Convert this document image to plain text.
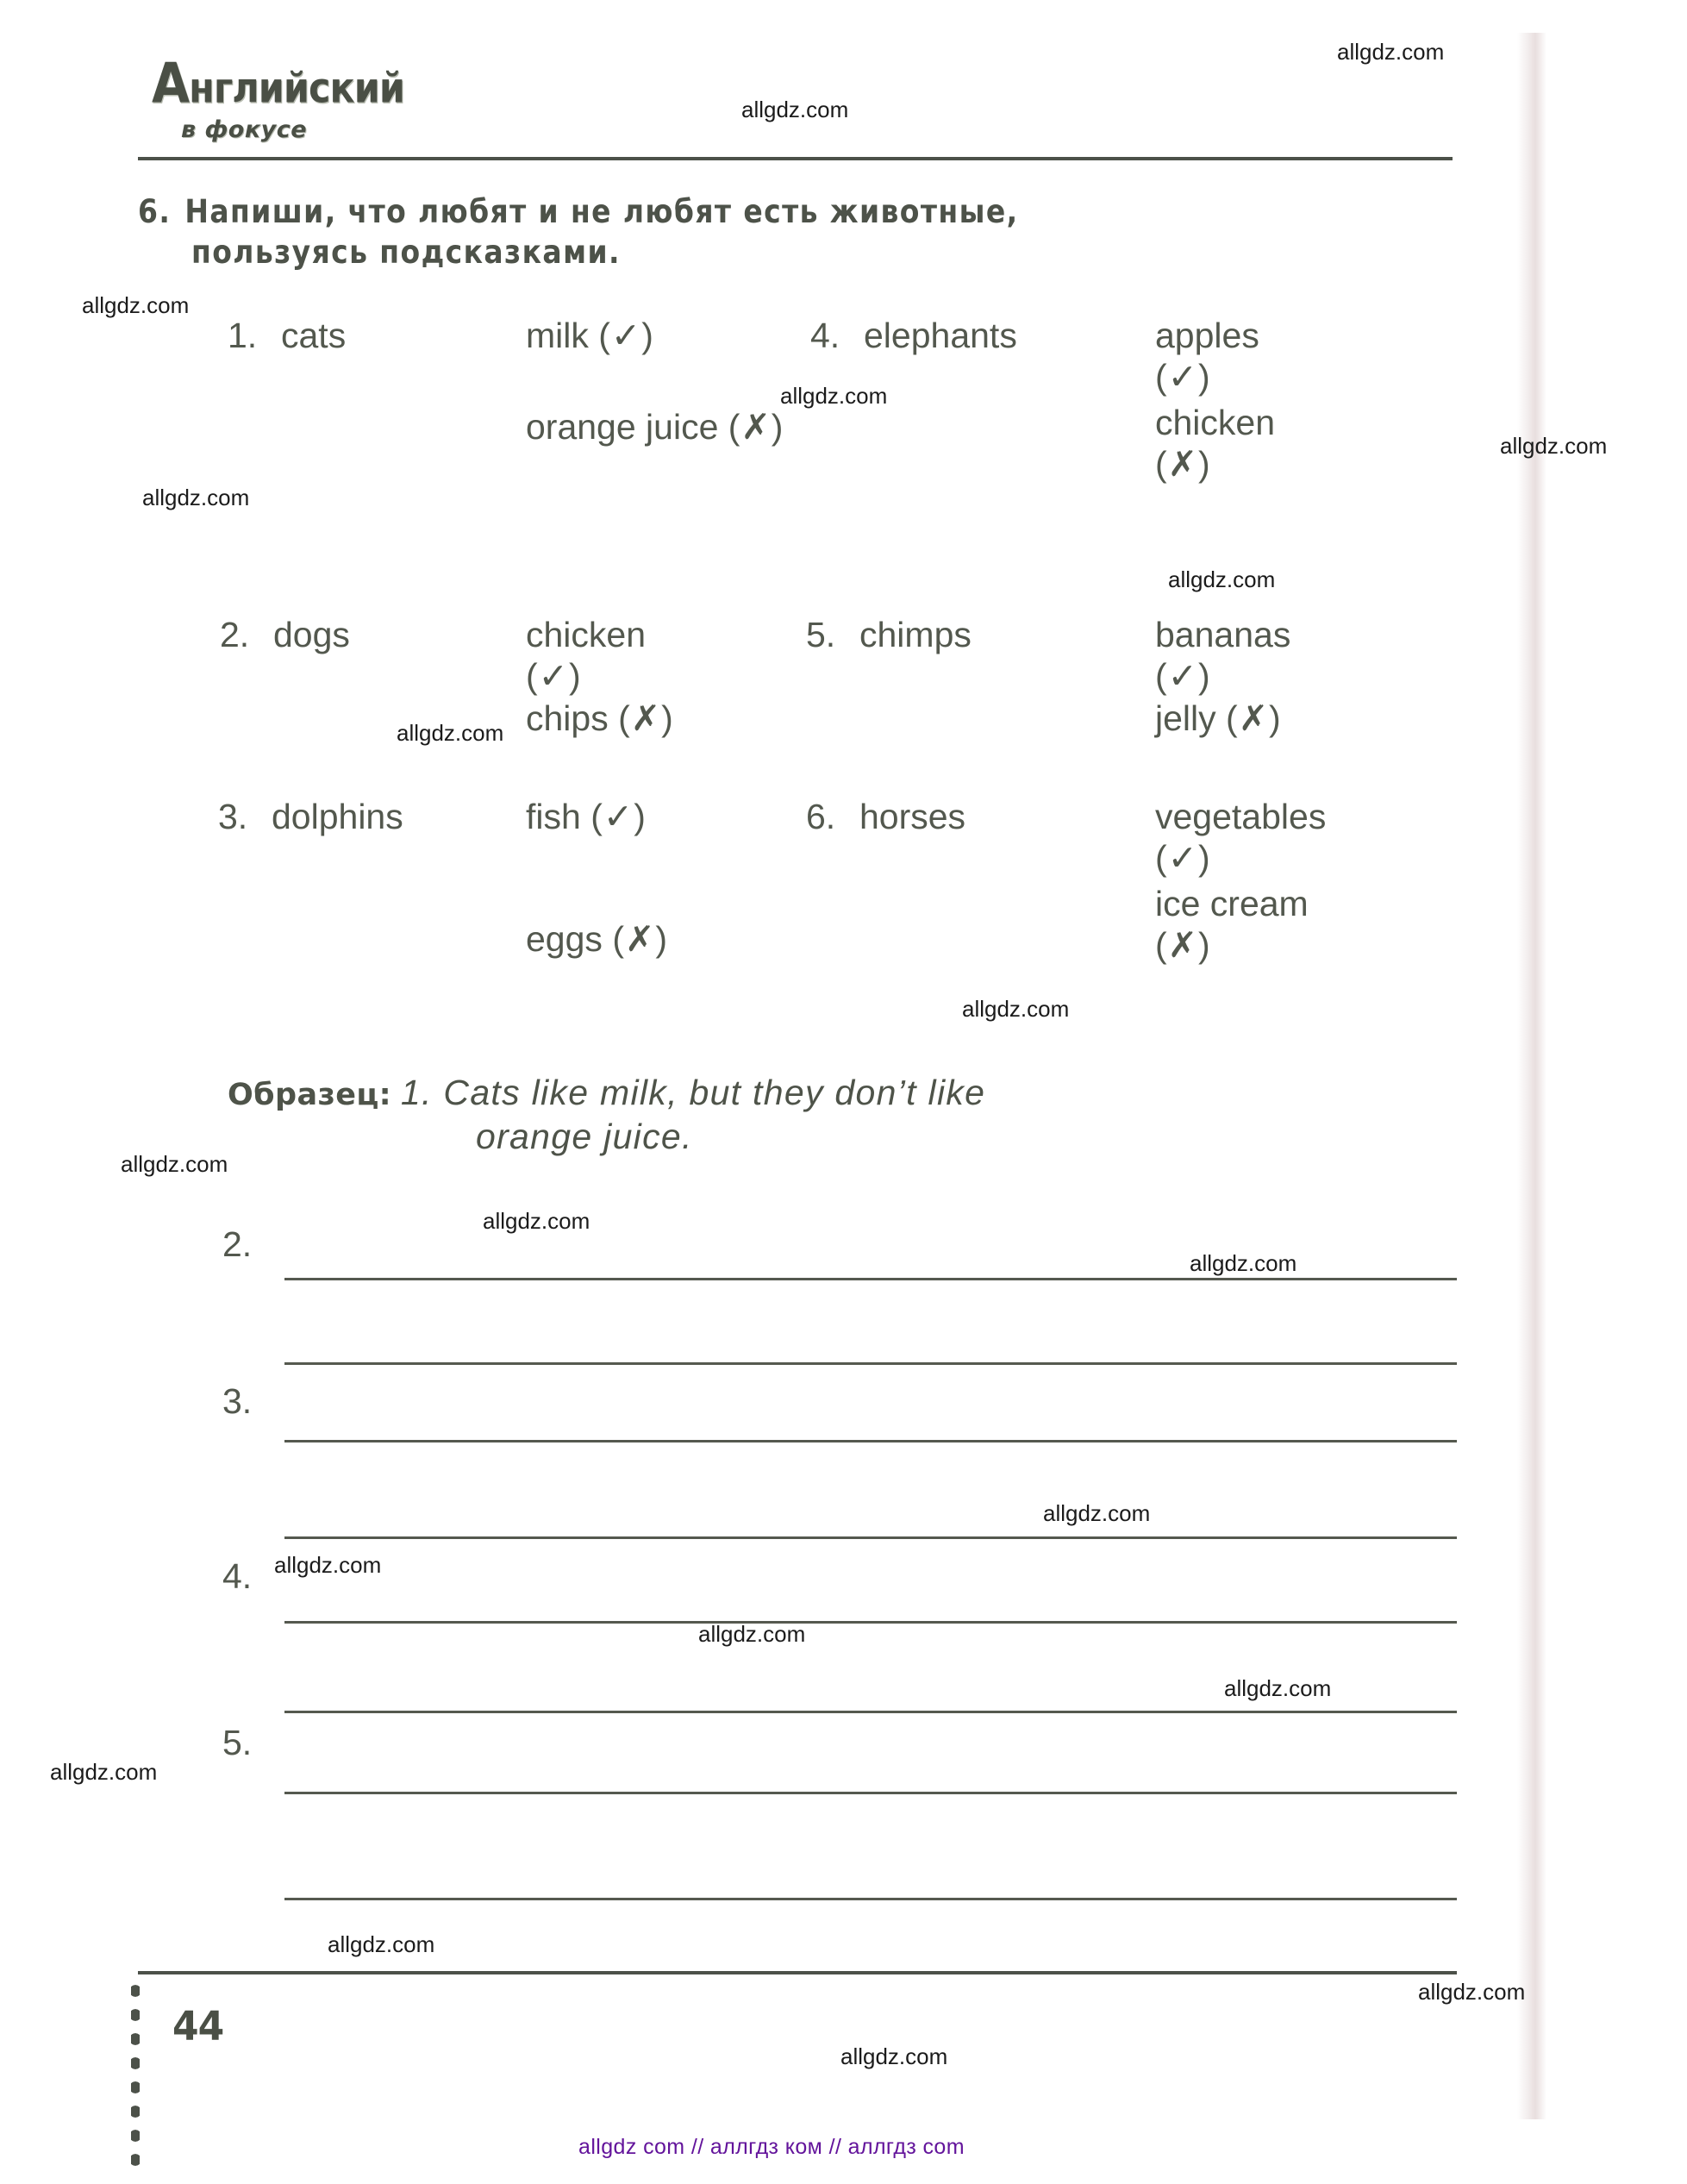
Английский
в фокусе
6. Напиши, что любят и не любят есть животные,
пользуясь подсказками.
1. cats	milk (✓)
orange juice (✗)
4. elephants	apples
(✓)
chicken
(✗)
2. dogs	chicken
(✓)
chips (✗)
5. chimps	bananas
(✓)
jelly (✗)
3. dolphins	fish (✓)
eggs (✗)
6. horses	vegetables
(✓)
ice cream
(✗)
Образец: 1. Cats like milk, but they don’t like
orange juice.
2.
3.
4.
5.
44
allgdz.com
allgdz.com
allgdz.com
allgdz.com
allgdz.com
allgdz.com
allgdz.com
allgdz.com
allgdz.com
allgdz.com
allgdz.com
allgdz.com
allgdz.com
allgdz.com
allgdz.com
allgdz.com
allgdz.com
allgdz.com
allgdz.com
allgdz.com
allgdz com // аллгдз ком // аллгдз com
